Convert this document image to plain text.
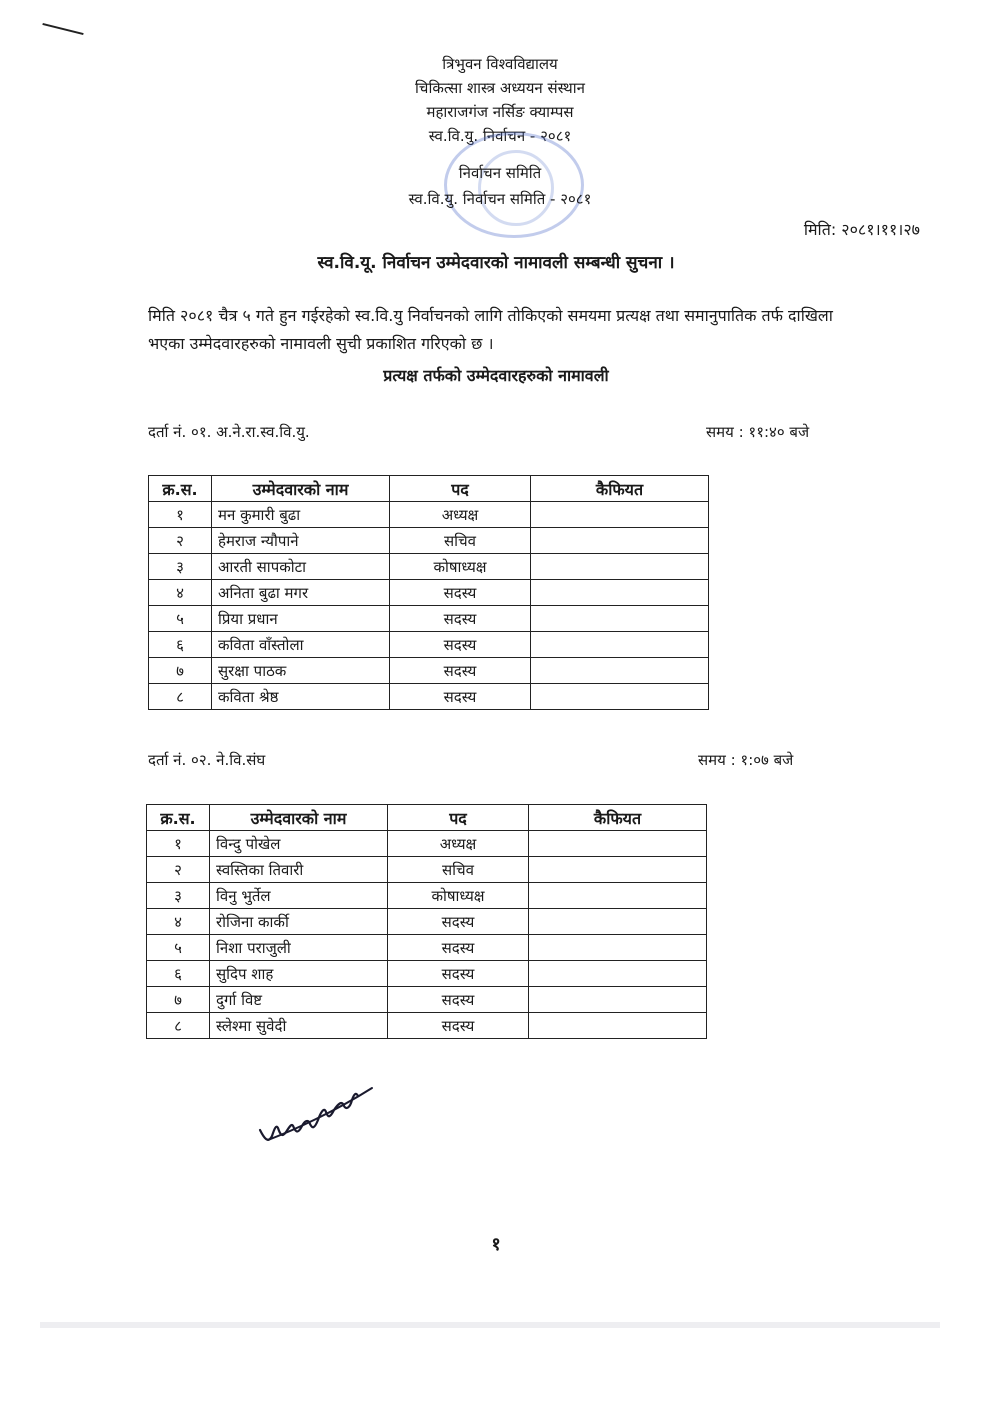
त्रिभुवन विश्वविद्यालय
चिकित्सा शास्त्र अध्ययन संस्थान
महाराजगंज नर्सिङ क्याम्पस
स्व.वि.यु. निर्वाचन - २०८१
निर्वाचन समिति
स्व.वि.यु. निर्वाचन समिति - २०८१
मिति: २०८१।११।२७
स्व.वि.यू. निर्वाचन उम्मेदवारको नामावली सम्बन्धी सुचना ।
मिति २०८१ चैत्र ५ गते हुन गईरहेको स्व.वि.यु निर्वाचनको लागि तोकिएको समयमा प्रत्यक्ष तथा समानुपातिक तर्फ दाखिला भएका उम्मेदवारहरुको नामावली सुची प्रकाशित गरिएको छ ।
प्रत्यक्ष तर्फको उम्मेदवारहरुको नामावली
दर्ता नं. ०१. अ.ने.रा.स्व.वि.यु.	समय : ११:४० बजे
क्र.स.	उम्मेदवारको नाम	पद	कैफियत
१	मन कुमारी बुढा	अध्यक्ष	
२	हेमराज न्यौपाने	सचिव	
३	आरती सापकोटा	कोषाध्यक्ष	
४	अनिता बुढा मगर	सदस्य	
५	प्रिया प्रधान	सदस्य	
६	कविता वाँस्तोला	सदस्य	
७	सुरक्षा पाठक	सदस्य	
८	कविता श्रेष्ठ	सदस्य	
दर्ता नं. ०२. ने.वि.संघ	समय : १:०७ बजे
क्र.स.	उम्मेदवारको नाम	पद	कैफियत
१	विन्दु पोखेल	अध्यक्ष	
२	स्वस्तिका तिवारी	सचिव	
३	विनु भुर्तेल	कोषाध्यक्ष	
४	रोजिना कार्की	सदस्य	
५	निशा पराजुली	सदस्य	
६	सुदिप शाह	सदस्य	
७	दुर्गा विष्ट	सदस्य	
८	स्लेश्मा सुवेदी	सदस्य	
१
